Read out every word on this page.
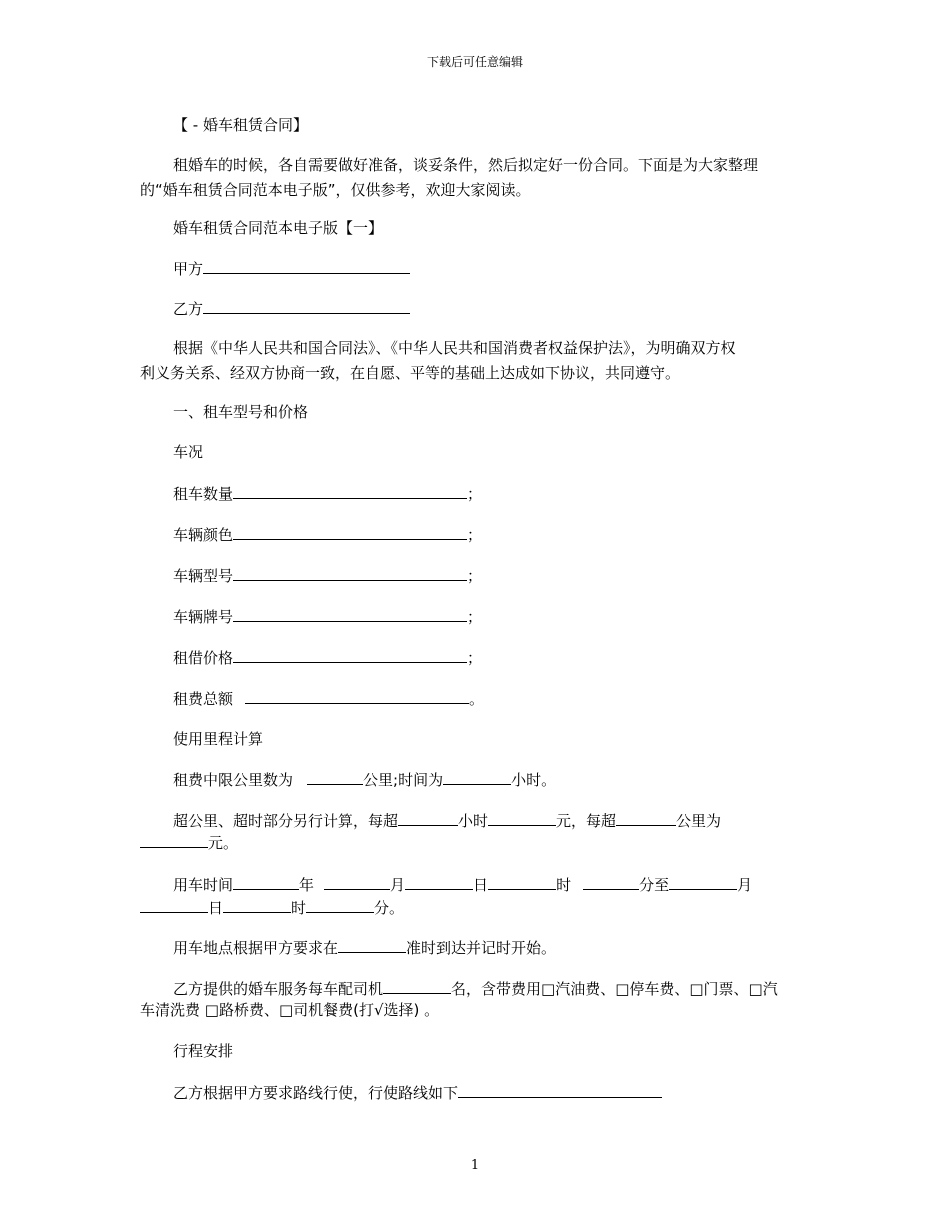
下载后可任意编辑
【 - 婚车租赁合同】
租婚车的时候，各自需要做好准备，谈妥条件，然后拟定好一份合同。下面是为大家整理
的“婚车租赁合同范本电子版”，仅供参考，欢迎大家阅读。
婚车租赁合同范本电子版【一】
甲方
乙方
根据《中华人民共和国合同法》、《中华人民共和国消费者权益保护法》，为明确双方权
利义务关系、经双方协商一致，在自愿、平等的基础上达成如下协议，共同遵守。
一、租车型号和价格
车况
租车数量	；
车辆颜色	；
车辆型号	；
车辆牌号	；
租借价格	；
租费总额	。
使用里程计算
租费中限公里数为	公里;时间为	小时。
超公里、超时部分另行计算，每超	小时	元，每超	公里为
元。
用车时间	年	月	日	时	分至	月
日	时	分。
用车地点根据甲方要求在	准时到达并记时开始。
乙方提供的婚车服务每车配司机	名，含带费用□汽油费、□停车费、□门票、□汽
车清洗费 □路桥费、□司机餐费(打√选择) 。
行程安排
乙方根据甲方要求路线行使，行使路线如下
1
